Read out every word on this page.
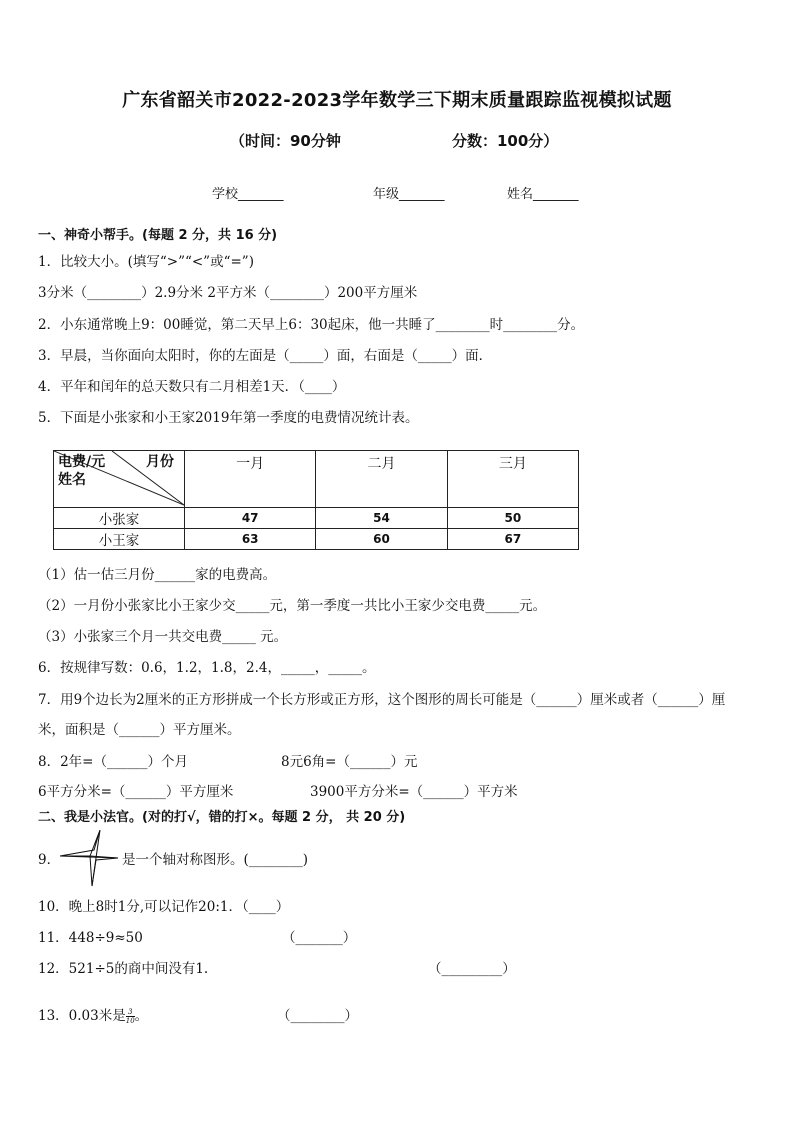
广东省韶关市2022-2023学年数学三下期末质量跟踪监视模拟试题
（时间：90分钟	分数：100分）
学校_______	年级_______	姓名_______
一、神奇小帮手。(每题 2 分，共 16 分)
1．比较大小。(填写“>”“<”或“=”)
3分米（________）2.9分米 2平方米（________）200平方厘米
2．小东通常晚上9：00睡觉，第二天早上6：30起床，他一共睡了________时________分。
3．早晨，当你面向太阳时，你的左面是（_____）面，右面是（_____）面．
4．平年和闰年的总天数只有二月相差1天．（____）
5．下面是小张家和小王家2019年第一季度的电费情况统计表。
电费/元 月份
姓名	一月	二月	三月
小张家	47	54	50
小王家	63	60	67
（1）估一估三月份______家的电费高。
（2）一月份小张家比小王家少交_____元，第一季度一共比小王家少交电费_____元。
（3）小张家三个月一共交电费_____ 元。
6．按规律写数：0.6，1.2，1.8，2.4，_____，_____。
7．用9个边长为2厘米的正方形拼成一个长方形或正方形，这个图形的周长可能是（______）厘米或者（______）厘
米，面积是（______）平方厘米。
8．2年=（______）个月	8元6角=（______）元
6平方分米=（______）平方厘米	3900平方分米=（______）平方米
二、我是小法官。(对的打√，错的打×。每题 2 分， 共 20 分)
9．	是一个轴对称图形。(________)
10．晚上8时1分,可以记作20:1．（____）
11．448÷9≈50	（_______）
12．521÷5的商中间没有1.	（_________）
13．0.03米是 $\frac{3}{10}$ 。	（________）
